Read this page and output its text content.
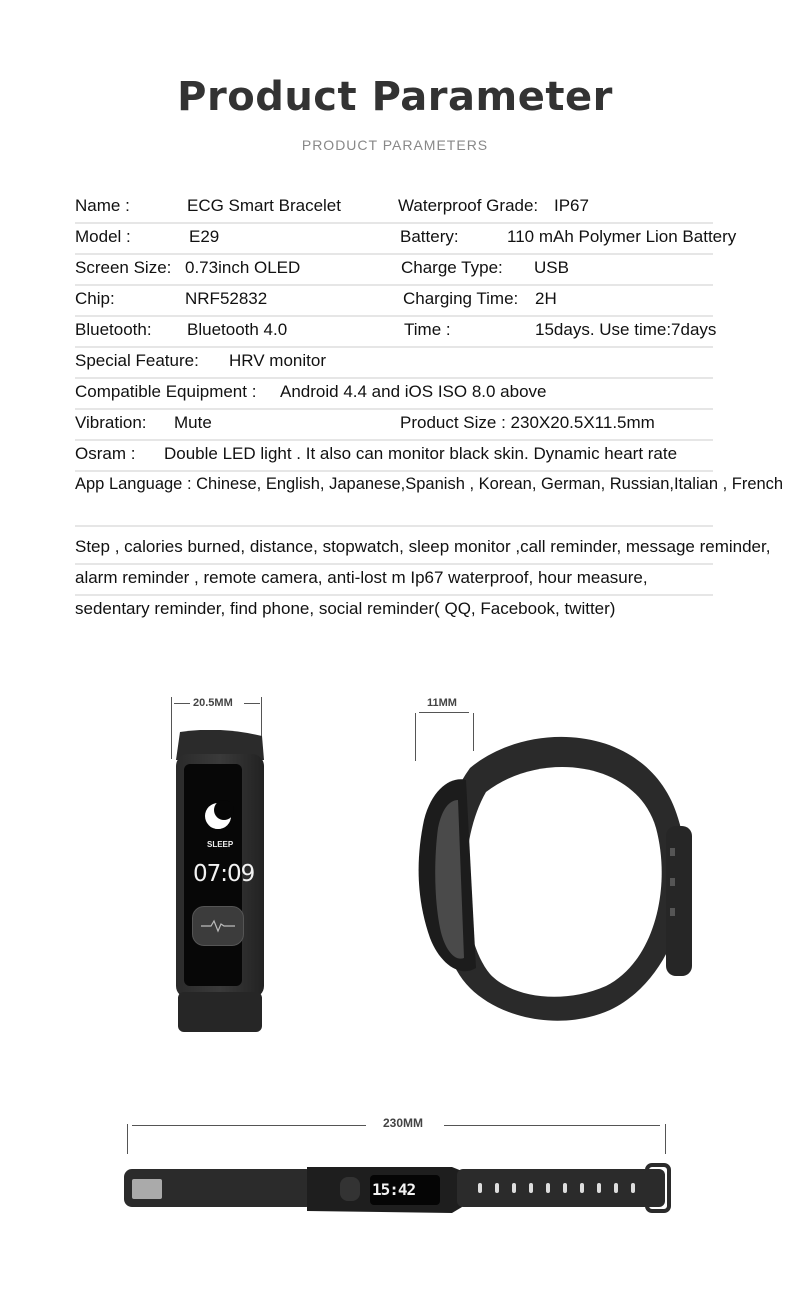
Product Parameter
PRODUCT PARAMETERS
Name :	ECG Smart Bracelet	Waterproof Grade: IP67
Model :	E29	Battery:	110 mAh Polymer Lion Battery
Screen Size: 0.73inch OLED	Charge Type: USB
Chip:	NRF52832	Charging Time: 2H
Bluetooth: Bluetooth 4.0	Time :	15days. Use time:7days
Special Feature: HRV monitor
Compatible Equipment : Android 4.4 and iOS ISO 8.0 above
Vibration: Mute	Product Size : 230X20.5X11.5mm
Osram : Double LED light . It also can monitor black skin. Dynamic heart rate
App Language : Chinese, English, Japanese,Spanish , Korean, German, Russian,Italian , French
Step , calories burned, distance, stopwatch, sleep monitor ,call reminder, message reminder,
alarm reminder , remote camera, anti-lost m Ip67 waterproof, hour measure,
sedentary reminder, find phone, social reminder( QQ, Facebook, twitter)
20.5MM
SLEEP
07:09
11MM
230MM
15:42
